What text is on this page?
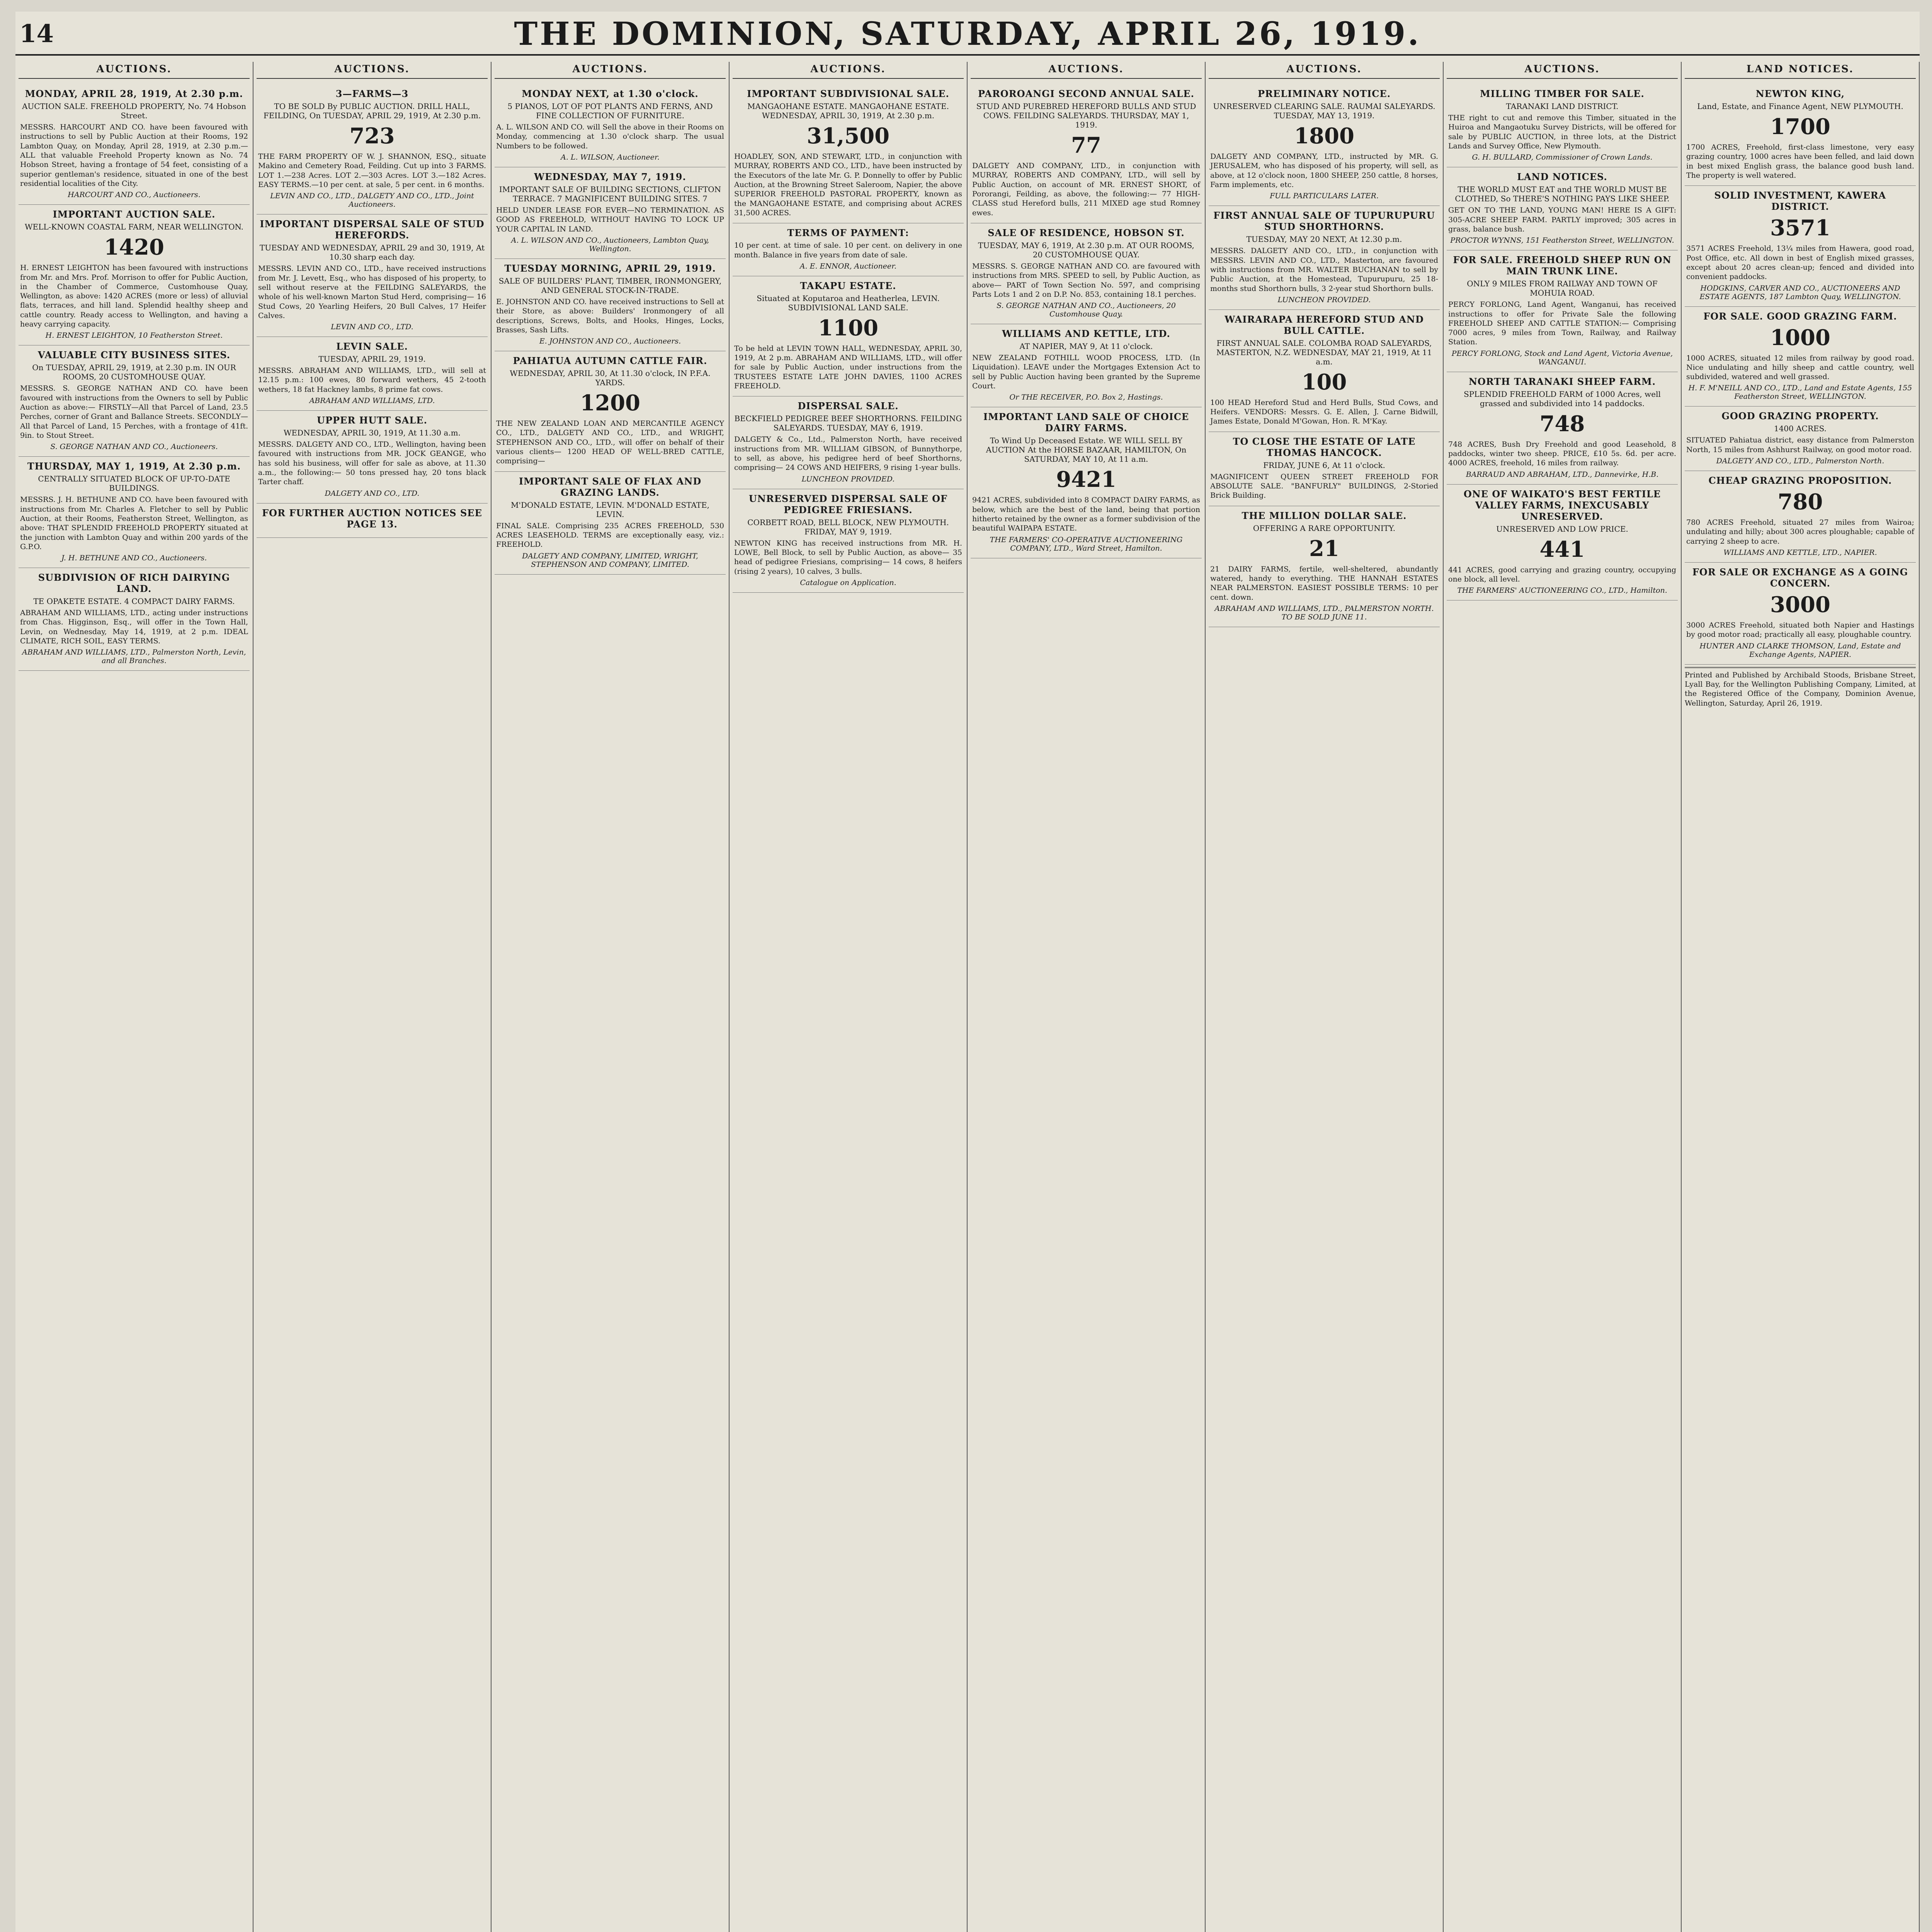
14	THE DOMINION, SATURDAY, APRIL 26, 1919.
AUCTIONS.
MONDAY, APRIL 28, 1919, At 2.30 p.m.
AUCTION SALE. FREEHOLD PROPERTY, No. 74 Hobson Street.
MESSRS. HARCOURT AND CO. have been favoured with instructions to sell by Public Auction at their Rooms, 192 Lambton Quay, on Monday, April 28, 1919, at 2.30 p.m.— ALL that valuable Freehold Property known as No. 74 Hobson Street, having a frontage of 54 feet, consisting of a superior gentleman's residence, situated in one of the best residential localities of the City.
HARCOURT AND CO., Auctioneers.
IMPORTANT AUCTION SALE.
WELL-KNOWN COASTAL FARM, NEAR WELLINGTON.
1420
H. ERNEST LEIGHTON has been favoured with instructions from Mr. and Mrs. Prof. Morrison to offer for Public Auction, in the Chamber of Commerce, Customhouse Quay, Wellington, as above: 1420 ACRES (more or less) of alluvial flats, terraces, and hill land. Splendid healthy sheep and cattle country. Ready access to Wellington, and having a heavy carrying capacity.
H. ERNEST LEIGHTON, 10 Featherston Street.
VALUABLE CITY BUSINESS SITES.
On TUESDAY, APRIL 29, 1919, at 2.30 p.m. IN OUR ROOMS, 20 CUSTOMHOUSE QUAY.
MESSRS. S. GEORGE NATHAN AND CO. have been favoured with instructions from the Owners to sell by Public Auction as above:— FIRSTLY—All that Parcel of Land, 23.5 Perches, corner of Grant and Ballance Streets. SECONDLY—All that Parcel of Land, 15 Perches, with a frontage of 41ft. 9in. to Stout Street.
S. GEORGE NATHAN AND CO., Auctioneers.
THURSDAY, MAY 1, 1919, At 2.30 p.m.
CENTRALLY SITUATED BLOCK OF UP-TO-DATE BUILDINGS.
MESSRS. J. H. BETHUNE AND CO. have been favoured with instructions from Mr. Charles A. Fletcher to sell by Public Auction, at their Rooms, Featherston Street, Wellington, as above: THAT SPLENDID FREEHOLD PROPERTY situated at the junction with Lambton Quay and within 200 yards of the G.P.O.
J. H. BETHUNE AND CO., Auctioneers.
SUBDIVISION OF RICH DAIRYING LAND.
TE OPAKETE ESTATE. 4 COMPACT DAIRY FARMS.
ABRAHAM AND WILLIAMS, LTD., acting under instructions from Chas. Higginson, Esq., will offer in the Town Hall, Levin, on Wednesday, May 14, 1919, at 2 p.m. IDEAL CLIMATE, RICH SOIL, EASY TERMS.
ABRAHAM AND WILLIAMS, LTD., Palmerston North, Levin, and all Branches.
AUCTIONS.
3—FARMS—3
TO BE SOLD By PUBLIC AUCTION. DRILL HALL, FEILDING, On TUESDAY, APRIL 29, 1919, At 2.30 p.m.
723
THE FARM PROPERTY OF W. J. SHANNON, ESQ., situate Makino and Cemetery Road, Feilding. Cut up into 3 FARMS. LOT 1.—238 Acres. LOT 2.—303 Acres. LOT 3.—182 Acres. EASY TERMS.—10 per cent. at sale, 5 per cent. in 6 months.
LEVIN AND CO., LTD., DALGETY AND CO., LTD., Joint Auctioneers.
IMPORTANT DISPERSAL SALE OF STUD HEREFORDS.
TUESDAY AND WEDNESDAY, APRIL 29 and 30, 1919, At 10.30 sharp each day.
MESSRS. LEVIN AND CO., LTD., have received instructions from Mr. J. Levett, Esq., who has disposed of his property, to sell without reserve at the FEILDING SALEYARDS, the whole of his well-known Marton Stud Herd, comprising— 16 Stud Cows, 20 Yearling Heifers, 20 Bull Calves, 17 Heifer Calves.
LEVIN AND CO., LTD.
LEVIN SALE.
TUESDAY, APRIL 29, 1919.
MESSRS. ABRAHAM AND WILLIAMS, LTD., will sell at 12.15 p.m.: 100 ewes, 80 forward wethers, 45 2-tooth wethers, 18 fat Hackney lambs, 8 prime fat cows.
ABRAHAM AND WILLIAMS, LTD.
UPPER HUTT SALE.
WEDNESDAY, APRIL 30, 1919, At 11.30 a.m.
MESSRS. DALGETY AND CO., LTD., Wellington, having been favoured with instructions from MR. JOCK GEANGE, who has sold his business, will offer for sale as above, at 11.30 a.m., the following:— 50 tons pressed hay, 20 tons black Tarter chaff.
DALGETY AND CO., LTD.
FOR FURTHER AUCTION NOTICES SEE PAGE 13.
AUCTIONS.
MONDAY NEXT, at 1.30 o'clock.
5 PIANOS, LOT OF POT PLANTS AND FERNS, AND FINE COLLECTION OF FURNITURE.
A. L. WILSON AND CO. will Sell the above in their Rooms on Monday, commencing at 1.30 o'clock sharp. The usual Numbers to be followed.
A. L. WILSON, Auctioneer.
WEDNESDAY, MAY 7, 1919.
IMPORTANT SALE OF BUILDING SECTIONS, CLIFTON TERRACE. 7 MAGNIFICENT BUILDING SITES. 7
HELD UNDER LEASE FOR EVER—NO TERMINATION. AS GOOD AS FREEHOLD, WITHOUT HAVING TO LOCK UP YOUR CAPITAL IN LAND.
A. L. WILSON AND CO., Auctioneers, Lambton Quay, Wellington.
TUESDAY MORNING, APRIL 29, 1919.
SALE OF BUILDERS' PLANT, TIMBER, IRONMONGERY, AND GENERAL STOCK-IN-TRADE.
E. JOHNSTON AND CO. have received instructions to Sell at their Store, as above: Builders' Ironmongery of all descriptions, Screws, Bolts, and Hooks, Hinges, Locks, Brasses, Sash Lifts.
E. JOHNSTON AND CO., Auctioneers.
PAHIATUA AUTUMN CATTLE FAIR.
WEDNESDAY, APRIL 30, At 11.30 o'clock, IN P.F.A. YARDS.
1200
THE NEW ZEALAND LOAN AND MERCANTILE AGENCY CO., LTD., DALGETY AND CO., LTD., and WRIGHT, STEPHENSON AND CO., LTD., will offer on behalf of their various clients— 1200 HEAD OF WELL-BRED CATTLE, comprising—
IMPORTANT SALE OF FLAX AND GRAZING LANDS.
M'DONALD ESTATE, LEVIN. M'DONALD ESTATE, LEVIN.
FINAL SALE. Comprising 235 ACRES FREEHOLD, 530 ACRES LEASEHOLD. TERMS are exceptionally easy, viz.: FREEHOLD.
DALGETY AND COMPANY, LIMITED, WRIGHT, STEPHENSON AND COMPANY, LIMITED.
AUCTIONS.
IMPORTANT SUBDIVISIONAL SALE.
MANGAOHANE ESTATE. MANGAOHANE ESTATE. WEDNESDAY, APRIL 30, 1919, At 2.30 p.m.
31,500
HOADLEY, SON, AND STEWART, LTD., in conjunction with MURRAY, ROBERTS AND CO., LTD., have been instructed by the Executors of the late Mr. G. P. Donnelly to offer by Public Auction, at the Browning Street Saleroom, Napier, the above SUPERIOR FREEHOLD PASTORAL PROPERTY, known as the MANGAOHANE ESTATE, and comprising about ACRES 31,500 ACRES.
TERMS OF PAYMENT:
10 per cent. at time of sale. 10 per cent. on delivery in one month. Balance in five years from date of sale.
A. E. ENNOR, Auctioneer.
TAKAPU ESTATE.
Situated at Koputaroa and Heatherlea, LEVIN. SUBDIVISIONAL LAND SALE.
1100
To be held at LEVIN TOWN HALL, WEDNESDAY, APRIL 30, 1919, At 2 p.m. ABRAHAM AND WILLIAMS, LTD., will offer for sale by Public Auction, under instructions from the TRUSTEES ESTATE LATE JOHN DAVIES, 1100 ACRES FREEHOLD.
DISPERSAL SALE.
BECKFIELD PEDIGREE BEEF SHORTHORNS. FEILDING SALEYARDS. TUESDAY, MAY 6, 1919.
DALGETY & Co., Ltd., Palmerston North, have received instructions from MR. WILLIAM GIBSON, of Bunnythorpe, to sell, as above, his pedigree herd of beef Shorthorns, comprising— 24 COWS AND HEIFERS, 9 rising 1-year bulls.
LUNCHEON PROVIDED.
UNRESERVED DISPERSAL SALE OF PEDIGREE FRIESIANS.
CORBETT ROAD, BELL BLOCK, NEW PLYMOUTH. FRIDAY, MAY 9, 1919.
NEWTON KING has received instructions from MR. H. LOWE, Bell Block, to sell by Public Auction, as above— 35 head of pedigree Friesians, comprising— 14 cows, 8 heifers (rising 2 years), 10 calves, 3 bulls.
Catalogue on Application.
AUCTIONS.
PAROROANGI SECOND ANNUAL SALE.
STUD AND PUREBRED HEREFORD BULLS AND STUD COWS. FEILDING SALEYARDS. THURSDAY, MAY 1, 1919.
77
DALGETY AND COMPANY, LTD., in conjunction with MURRAY, ROBERTS AND COMPANY, LTD., will sell by Public Auction, on account of MR. ERNEST SHORT, of Pororangi, Feilding, as above, the following:— 77 HIGH-CLASS stud Hereford bulls, 211 MIXED age stud Romney ewes.
SALE OF RESIDENCE, HOBSON ST.
TUESDAY, MAY 6, 1919, At 2.30 p.m. AT OUR ROOMS, 20 CUSTOMHOUSE QUAY.
MESSRS. S. GEORGE NATHAN AND CO. are favoured with instructions from MRS. SPEED to sell, by Public Auction, as above— PART of Town Section No. 597, and comprising Parts Lots 1 and 2 on D.P. No. 853, containing 18.1 perches.
S. GEORGE NATHAN AND CO., Auctioneers, 20 Customhouse Quay.
WILLIAMS AND KETTLE, LTD.
AT NAPIER, MAY 9, At 11 o'clock.
NEW ZEALAND FOTHILL WOOD PROCESS, LTD. (In Liquidation). LEAVE under the Mortgages Extension Act to sell by Public Auction having been granted by the Supreme Court.
Or THE RECEIVER, P.O. Box 2, Hastings.
IMPORTANT LAND SALE OF CHOICE DAIRY FARMS.
To Wind Up Deceased Estate. WE WILL SELL BY AUCTION At the HORSE BAZAAR, HAMILTON, On SATURDAY, MAY 10, At 11 a.m.
9421
9421 ACRES, subdivided into 8 COMPACT DAIRY FARMS, as below, which are the best of the land, being that portion hitherto retained by the owner as a former subdivision of the beautiful WAIPAPA ESTATE.
THE FARMERS' CO-OPERATIVE AUCTIONEERING COMPANY, LTD., Ward Street, Hamilton.
AUCTIONS.
PRELIMINARY NOTICE.
UNRESERVED CLEARING SALE. RAUMAI SALEYARDS. TUESDAY, MAY 13, 1919.
1800
DALGETY AND COMPANY, LTD., instructed by MR. G. JERUSALEM, who has disposed of his property, will sell, as above, at 12 o'clock noon, 1800 SHEEP, 250 cattle, 8 horses, Farm implements, etc.
FULL PARTICULARS LATER.
FIRST ANNUAL SALE OF TUPURUPURU STUD SHORTHORNS.
TUESDAY, MAY 20 NEXT, At 12.30 p.m.
MESSRS. DALGETY AND CO., LTD., in conjunction with MESSRS. LEVIN AND CO., LTD., Masterton, are favoured with instructions from MR. WALTER BUCHANAN to sell by Public Auction, at the Homestead, Tupurupuru, 25 18-months stud Shorthorn bulls, 3 2-year stud Shorthorn bulls.
LUNCHEON PROVIDED.
WAIRARAPA HEREFORD STUD AND BULL CATTLE.
FIRST ANNUAL SALE. COLOMBA ROAD SALEYARDS, MASTERTON, N.Z. WEDNESDAY, MAY 21, 1919, At 11 a.m.
100
100 HEAD Hereford Stud and Herd Bulls, Stud Cows, and Heifers. VENDORS: Messrs. G. E. Allen, J. Carne Bidwill, James Estate, Donald M'Gowan, Hon. R. M'Kay.
TO CLOSE THE ESTATE OF LATE THOMAS HANCOCK.
FRIDAY, JUNE 6, At 11 o'clock.
MAGNIFICENT QUEEN STREET FREEHOLD FOR ABSOLUTE SALE. "BANFURLY" BUILDINGS, 2-Storied Brick Building.
THE MILLION DOLLAR SALE.
OFFERING A RARE OPPORTUNITY.
21
21 DAIRY FARMS, fertile, well-sheltered, abundantly watered, handy to everything. THE HANNAH ESTATES NEAR PALMERSTON. EASIEST POSSIBLE TERMS: 10 per cent. down.
ABRAHAM AND WILLIAMS, LTD., PALMERSTON NORTH. TO BE SOLD JUNE 11.
AUCTIONS.
MILLING TIMBER FOR SALE.
TARANAKI LAND DISTRICT.
THE right to cut and remove this Timber, situated in the Huiroa and Mangaotuku Survey Districts, will be offered for sale by PUBLIC AUCTION, in three lots, at the District Lands and Survey Office, New Plymouth.
G. H. BULLARD, Commissioner of Crown Lands.
LAND NOTICES.
THE WORLD MUST EAT and THE WORLD MUST BE CLOTHED, So THERE'S NOTHING PAYS LIKE SHEEP.
GET ON TO THE LAND, YOUNG MAN! HERE IS A GIFT: 305-ACRE SHEEP FARM. PARTLY improved; 305 acres in grass, balance bush.
PROCTOR WYNNS, 151 Featherston Street, WELLINGTON.
FOR SALE. FREEHOLD SHEEP RUN ON MAIN TRUNK LINE.
ONLY 9 MILES FROM RAILWAY AND TOWN OF MOHUIA ROAD.
PERCY FORLONG, Land Agent, Wanganui, has received instructions to offer for Private Sale the following FREEHOLD SHEEP AND CATTLE STATION:— Comprising 7000 acres, 9 miles from Town, Railway, and Railway Station.
PERCY FORLONG, Stock and Land Agent, Victoria Avenue, WANGANUI.
NORTH TARANAKI SHEEP FARM.
SPLENDID FREEHOLD FARM of 1000 Acres, well grassed and subdivided into 14 paddocks.
748
748 ACRES, Bush Dry Freehold and good Leasehold, 8 paddocks, winter two sheep. PRICE, £10 5s. 6d. per acre. 4000 ACRES, freehold, 16 miles from railway.
BARRAUD AND ABRAHAM, LTD., Dannevirke, H.B.
ONE OF WAIKATO'S BEST FERTILE VALLEY FARMS, INEXCUSABLY UNRESERVED.
UNRESERVED AND LOW PRICE.
441
441 ACRES, good carrying and grazing country, occupying one block, all level.
THE FARMERS' AUCTIONEERING CO., LTD., Hamilton.
LAND NOTICES.
NEWTON KING,
Land, Estate, and Finance Agent, NEW PLYMOUTH.
1700
1700 ACRES, Freehold, first-class limestone, very easy grazing country, 1000 acres have been felled, and laid down in best mixed English grass, the balance good bush land. The property is well watered.
SOLID INVESTMENT, KAWERA DISTRICT.
3571
3571 ACRES Freehold, 13¼ miles from Hawera, good road, Post Office, etc. All down in best of English mixed grasses, except about 20 acres clean-up; fenced and divided into convenient paddocks.
HODGKINS, CARVER AND CO., AUCTIONEERS AND ESTATE AGENTS, 187 Lambton Quay, WELLINGTON.
FOR SALE. GOOD GRAZING FARM.
1000
1000 ACRES, situated 12 miles from railway by good road. Nice undulating and hilly sheep and cattle country, well subdivided, watered and well grassed.
H. F. M'NEILL AND CO., LTD., Land and Estate Agents, 155 Featherston Street, WELLINGTON.
GOOD GRAZING PROPERTY.
1400 ACRES.
SITUATED Pahiatua district, easy distance from Palmerston North, 15 miles from Ashhurst Railway, on good motor road.
DALGETY AND CO., LTD., Palmerston North.
CHEAP GRAZING PROPOSITION.
780
780 ACRES Freehold, situated 27 miles from Wairoa; undulating and hilly; about 300 acres ploughable; capable of carrying 2 sheep to acre.
WILLIAMS AND KETTLE, LTD., NAPIER.
FOR SALE OR EXCHANGE AS A GOING CONCERN.
3000
3000 ACRES Freehold, situated both Napier and Hastings by good motor road; practically all easy, ploughable country.
HUNTER AND CLARKE THOMSON, Land, Estate and Exchange Agents, NAPIER.
Printed and Published by Archibald Stoods, Brisbane Street, Lyall Bay, for the Wellington Publishing Company, Limited, at the Registered Office of the Company, Dominion Avenue, Wellington, Saturday, April 26, 1919.
